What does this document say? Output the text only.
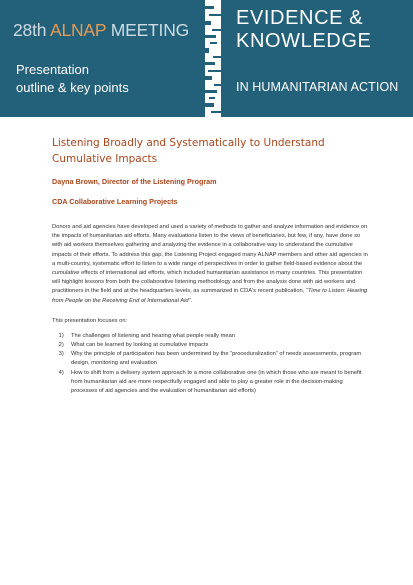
28th ALNAP MEETING
Presentation
outline & key points
EVIDENCE &
KNOWLEDGE
IN HUMANITARIAN ACTION
Listening Broadly and Systematically to Understand Cumulative Impacts

Dayna Brown, Director of the Listening Program

CDA Collaborative Learning Projects

Donors and aid agencies have developed and used a variety of methods to gather and analyze information and evidence on the impacts of humanitarian aid efforts. Many evaluations listen to the views of beneficiaries, but few, if any, have done so with aid workers themselves gathering and analyzing the evidence in a collaborative way to understand the cumulative impacts of their efforts. To address this gap, the Listening Project engaged many ALNAP members and other aid agencies in a multi-country, systematic effort to listen to a wide range of perspectives in order to gather field-based evidence about the cumulative effects of international aid efforts, which included humanitarian assistance in many countries. This presentation will highlight lessons from both the collaborative listening methodology and from the analysis done with aid workers and practitioners in the field and at the headquarters levels, as summarized in CDA's recent publication, “Time to Listen: Hearing from People on the Receiving End of International Aid”.

This presentation focuses on:

1. The challenges of listening and hearing what people really mean
2. What can be learned by looking at cumulative impacts
3. Why the principle of participation has been undermined by the “proceduralization” of needs assessments, program design, monitoring and evaluation
4. How to shift from a delivery system approach to a more collaborative one (in which those who are meant to benefit from humanitarian aid are more respectfully engaged and able to play a greater role in the decision-making processes of aid agencies and the evaluation of humanitarian aid efforts)
